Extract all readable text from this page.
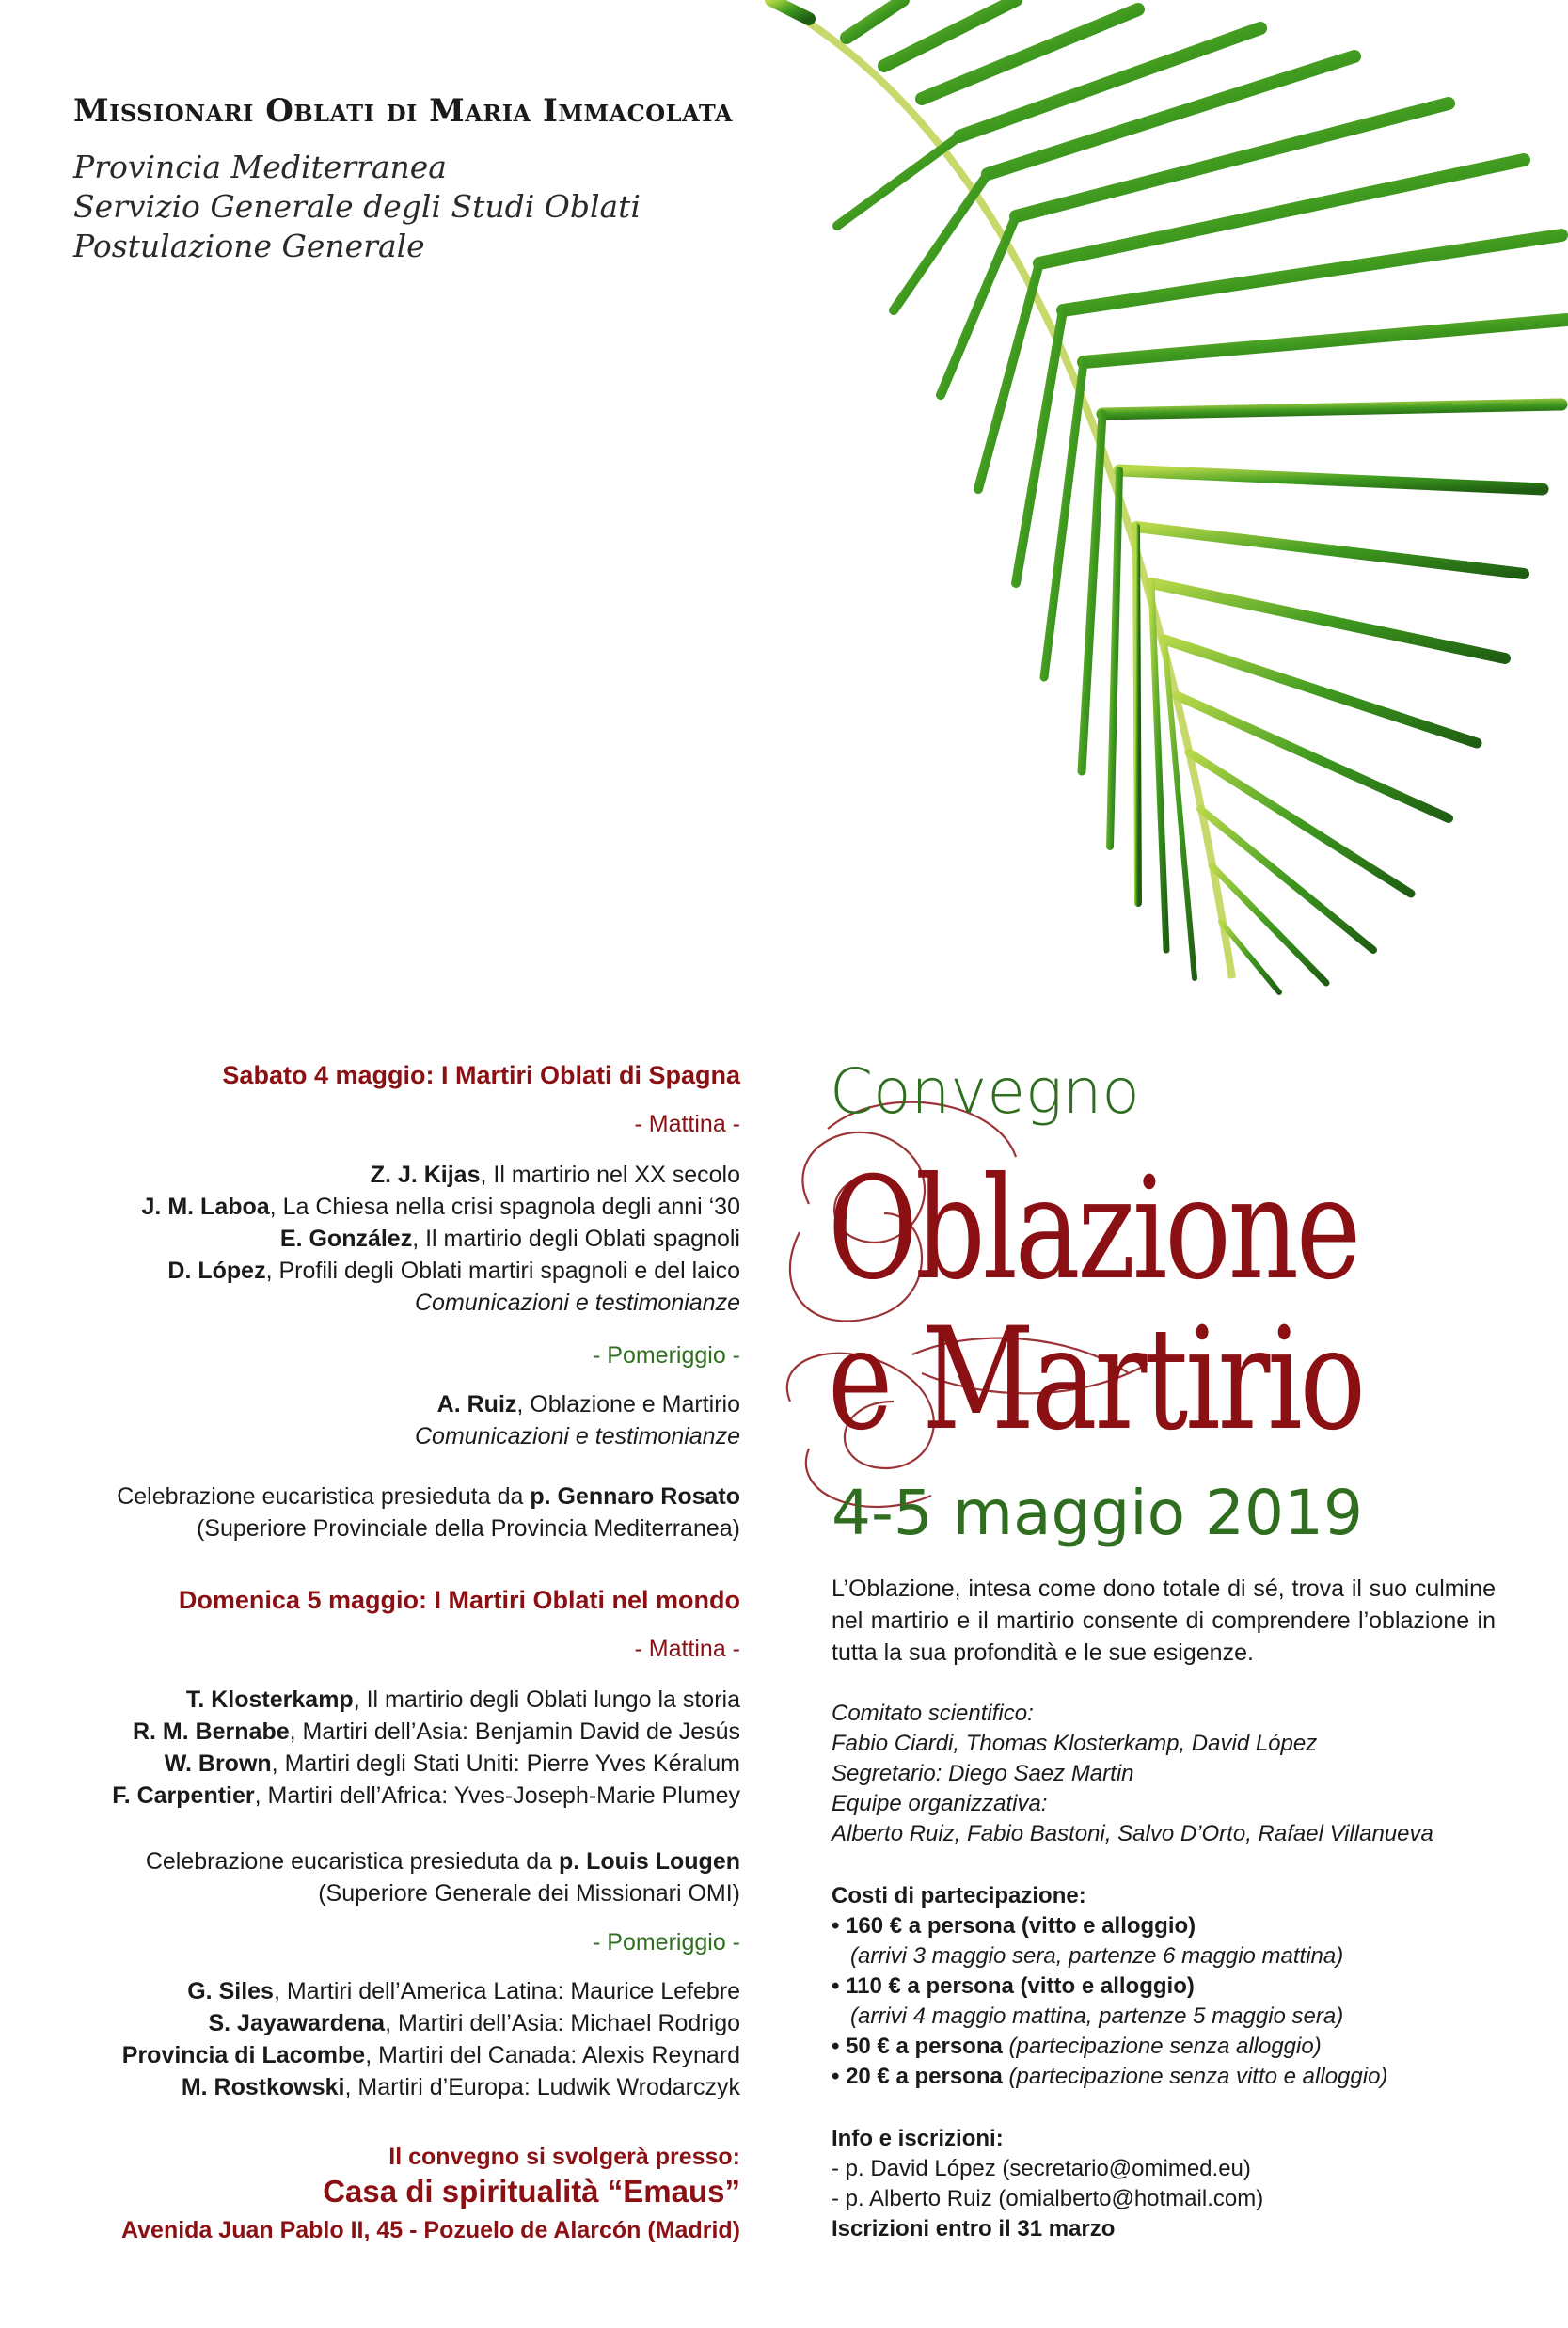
Missionari Oblati di Maria Immacolata
Provincia Mediterranea
Servizio Generale degli Studi Oblati
Postulazione Generale
Sabato 4 maggio: I Martiri Oblati di Spagna
- Mattina -
Z. J. Kijas, Il martirio nel XX secolo
J. M. Laboa, La Chiesa nella crisi spagnola degli anni ‘30
E. González, Il martirio degli Oblati spagnoli
D. López, Profili degli Oblati martiri spagnoli e del laico
Comunicazioni e testimonianze
- Pomeriggio -
A. Ruiz, Oblazione e Martirio
Comunicazioni e testimonianze
Celebrazione eucaristica presieduta da p. Gennaro Rosato
(Superiore Provinciale della Provincia Mediterranea)
Domenica 5 maggio: I Martiri Oblati nel mondo
- Mattina -
T. Klosterkamp, Il martirio degli Oblati lungo la storia
R. M. Bernabe, Martiri dell’Asia: Benjamin David de Jesús
W. Brown, Martiri degli Stati Uniti: Pierre Yves Kéralum
F. Carpentier, Martiri dell’Africa: Yves-Joseph-Marie Plumey
Celebrazione eucaristica presieduta da p. Louis Lougen
(Superiore Generale dei Missionari OMI)
- Pomeriggio -
G. Siles, Martiri dell’America Latina: Maurice Lefebre
S. Jayawardena, Martiri dell’Asia: Michael Rodrigo
Provincia di Lacombe, Martiri del Canada: Alexis Reynard
M. Rostkowski, Martiri d’Europa: Ludwik Wrodarczyk
Il convegno si svolgerà presso:
Casa di spiritualità “Emaus”
Avenida Juan Pablo II, 45 - Pozuelo de Alarcón (Madrid)
Convegno
Oblazione
e Martirio
4-5 maggio 2019
L’Oblazione, intesa come dono totale di sé, trova il suo culmine nel martirio e il martirio consente di comprendere l’oblazione in tutta la sua profondità e le sue esigenze.
Comitato scientifico:
Fabio Ciardi, Thomas Klosterkamp, David López
Segretario: Diego Saez Martin
Equipe organizzativa:
Alberto Ruiz, Fabio Bastoni, Salvo D’Orto, Rafael Villanueva
Costi di partecipazione:
• 160 € a persona (vitto e alloggio)
(arrivi 3 maggio sera, partenze 6 maggio mattina)
• 110 € a persona (vitto e alloggio)
(arrivi 4 maggio mattina, partenze 5 maggio sera)
• 50 € a persona (partecipazione senza alloggio)
• 20 € a persona (partecipazione senza vitto e alloggio)
Info e iscrizioni:
- p. David López (secretario@omimed.eu)
- p. Alberto Ruiz (omialberto@hotmail.com)
Iscrizioni entro il 31 marzo
